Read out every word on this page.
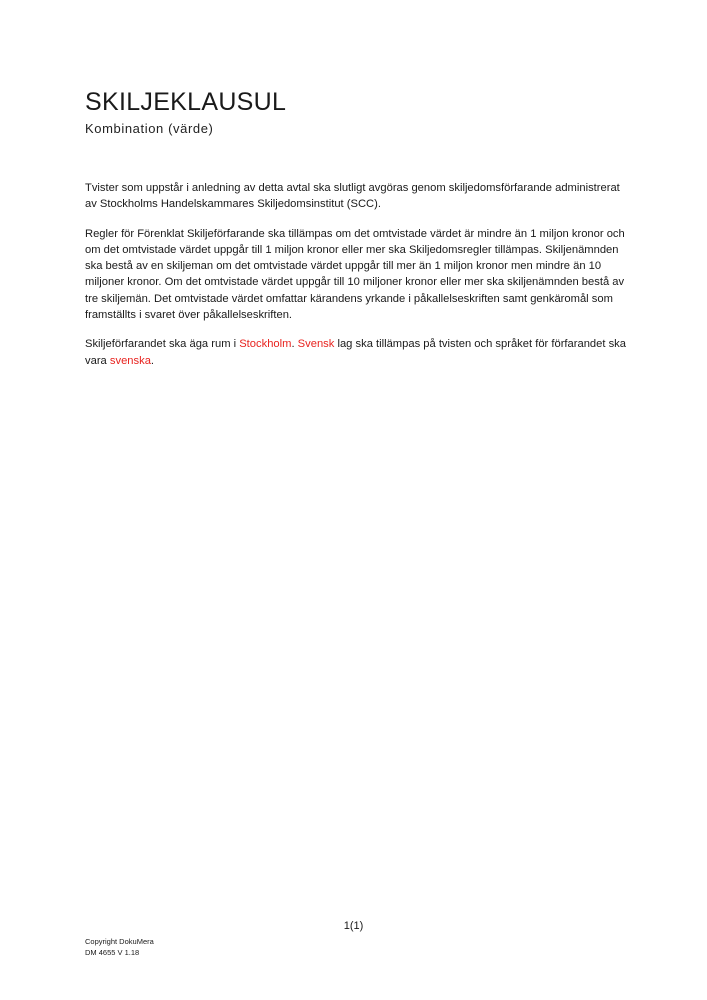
SKILJEKLAUSUL
Kombination (värde)

Tvister som uppstår i anledning av detta avtal ska slutligt avgöras genom skiljedomsförfarande administrerat av Stockholms Handelskammares Skiljedomsinstitut (SCC).

Regler för Förenklat Skiljeförfarande ska tillämpas om det omtvistade värdet är mindre än 1 miljon kronor och om det omtvistade värdet uppgår till 1 miljon kronor eller mer ska Skiljedomsregler tillämpas. Skiljenämnden ska bestå av en skiljeman om det omtvistade värdet uppgår till mer än 1 miljon kronor men mindre än 10 miljoner kronor. Om det omtvistade värdet uppgår till 10 miljoner kronor eller mer ska skiljenämnden bestå av tre skiljemän. Det omtvistade värdet omfattar kärandens yrkande i påkallelseskriften samt genkäromål som framställts i svaret över påkallelseskriften.

Skiljeförfarandet ska äga rum i Stockholm. Svensk lag ska tillämpas på tvisten och språket för förfarandet ska vara svenska.

1(1)
Copyright DokuMera
DM 4655 V 1.18
